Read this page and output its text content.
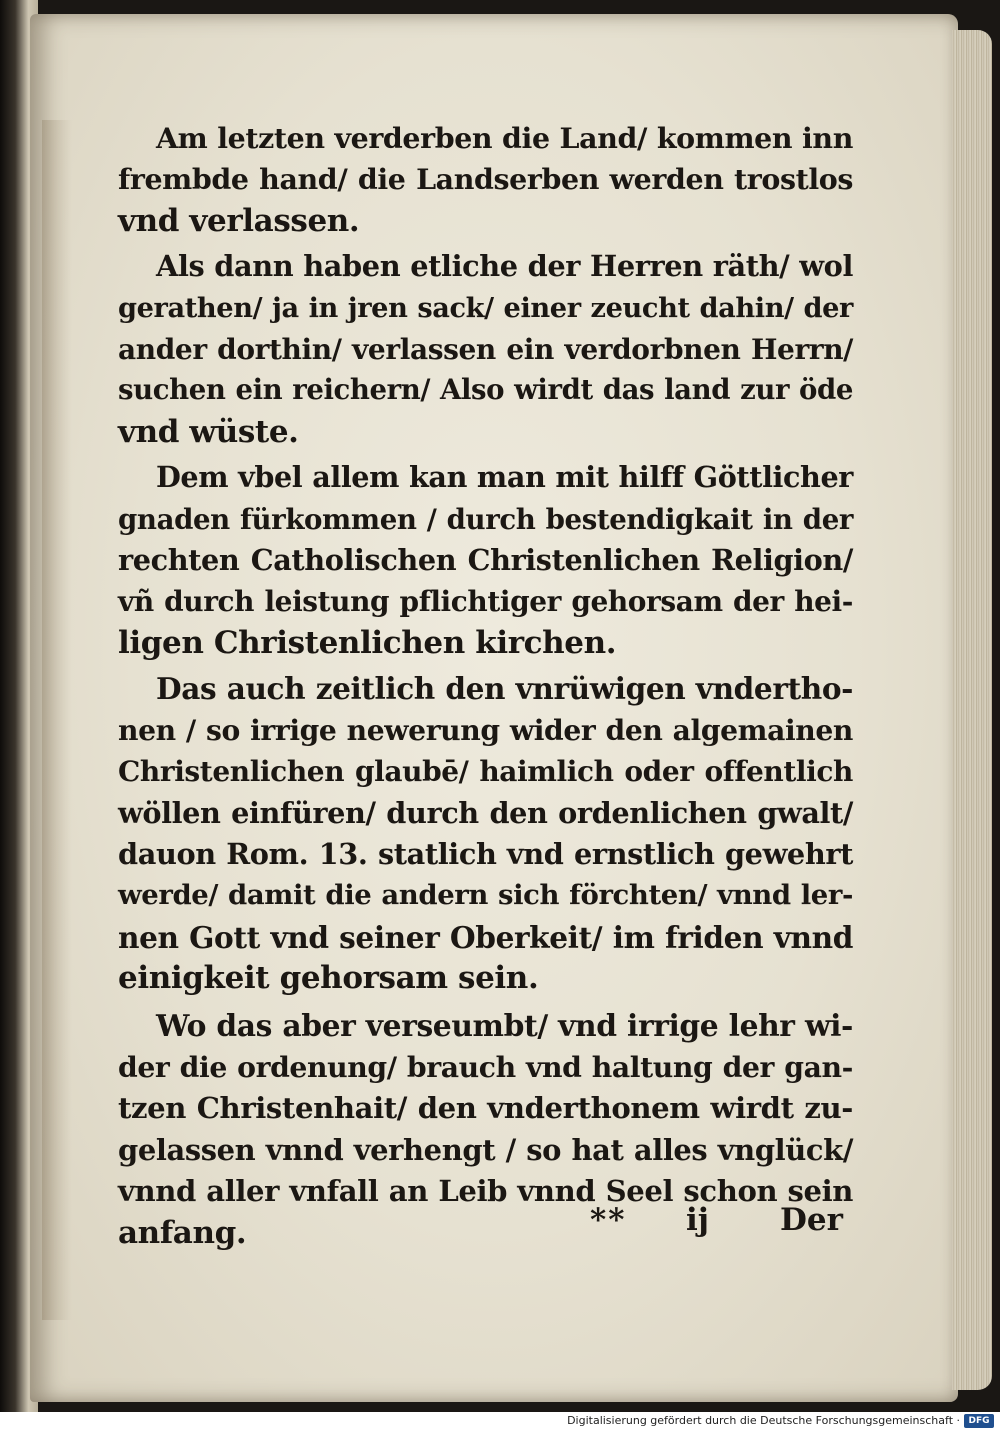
Am letzten verderben die Land/ kommen inn
frembde hand/ die Landserben werden trostlos
vnd verlassen.
Als dann haben etliche der Herren räth/ wol
gerathen/ ja in jren sack/ einer zeucht dahin/ der
ander dorthin/ verlassen ein verdorbnen Herrn/
suchen ein reichern/ Also wirdt das land zur öde
vnd wüste.
Dem vbel allem kan man mit hilff Göttlicher
gnaden fürkommen / durch bestendigkait in der
rechten Catholischen Christenlichen Religion/
vñ durch leistung pflichtiger gehorsam der hei-
ligen Christenlichen kirchen.
Das auch zeitlich den vnrüwigen vndertho-
nen / so irrige newerung wider den algemainen
Christenlichen glaubē/ haimlich oder offentlich
wöllen einfüren/ durch den ordenlichen gwalt/
dauon Rom. 13. statlich vnd ernstlich gewehrt
werde/ damit die andern sich förchten/ vnnd ler-
nen Gott vnd seiner Oberkeit/ im friden vnnd
einigkeit gehorsam sein.
Wo das aber verseumbt/ vnd irrige lehr wi-
der die ordenung/ brauch vnd haltung der gan-
tzen Christenhait/ den vnderthonem wirdt zu-
gelassen vnnd verhengt / so hat alles vnglück/
vnnd aller vnfall an Leib vnnd Seel schon sein
anfang.	** ij Der
Digitalisierung gefördert durch die Deutsche Forschungsgemeinschaft · DFG
